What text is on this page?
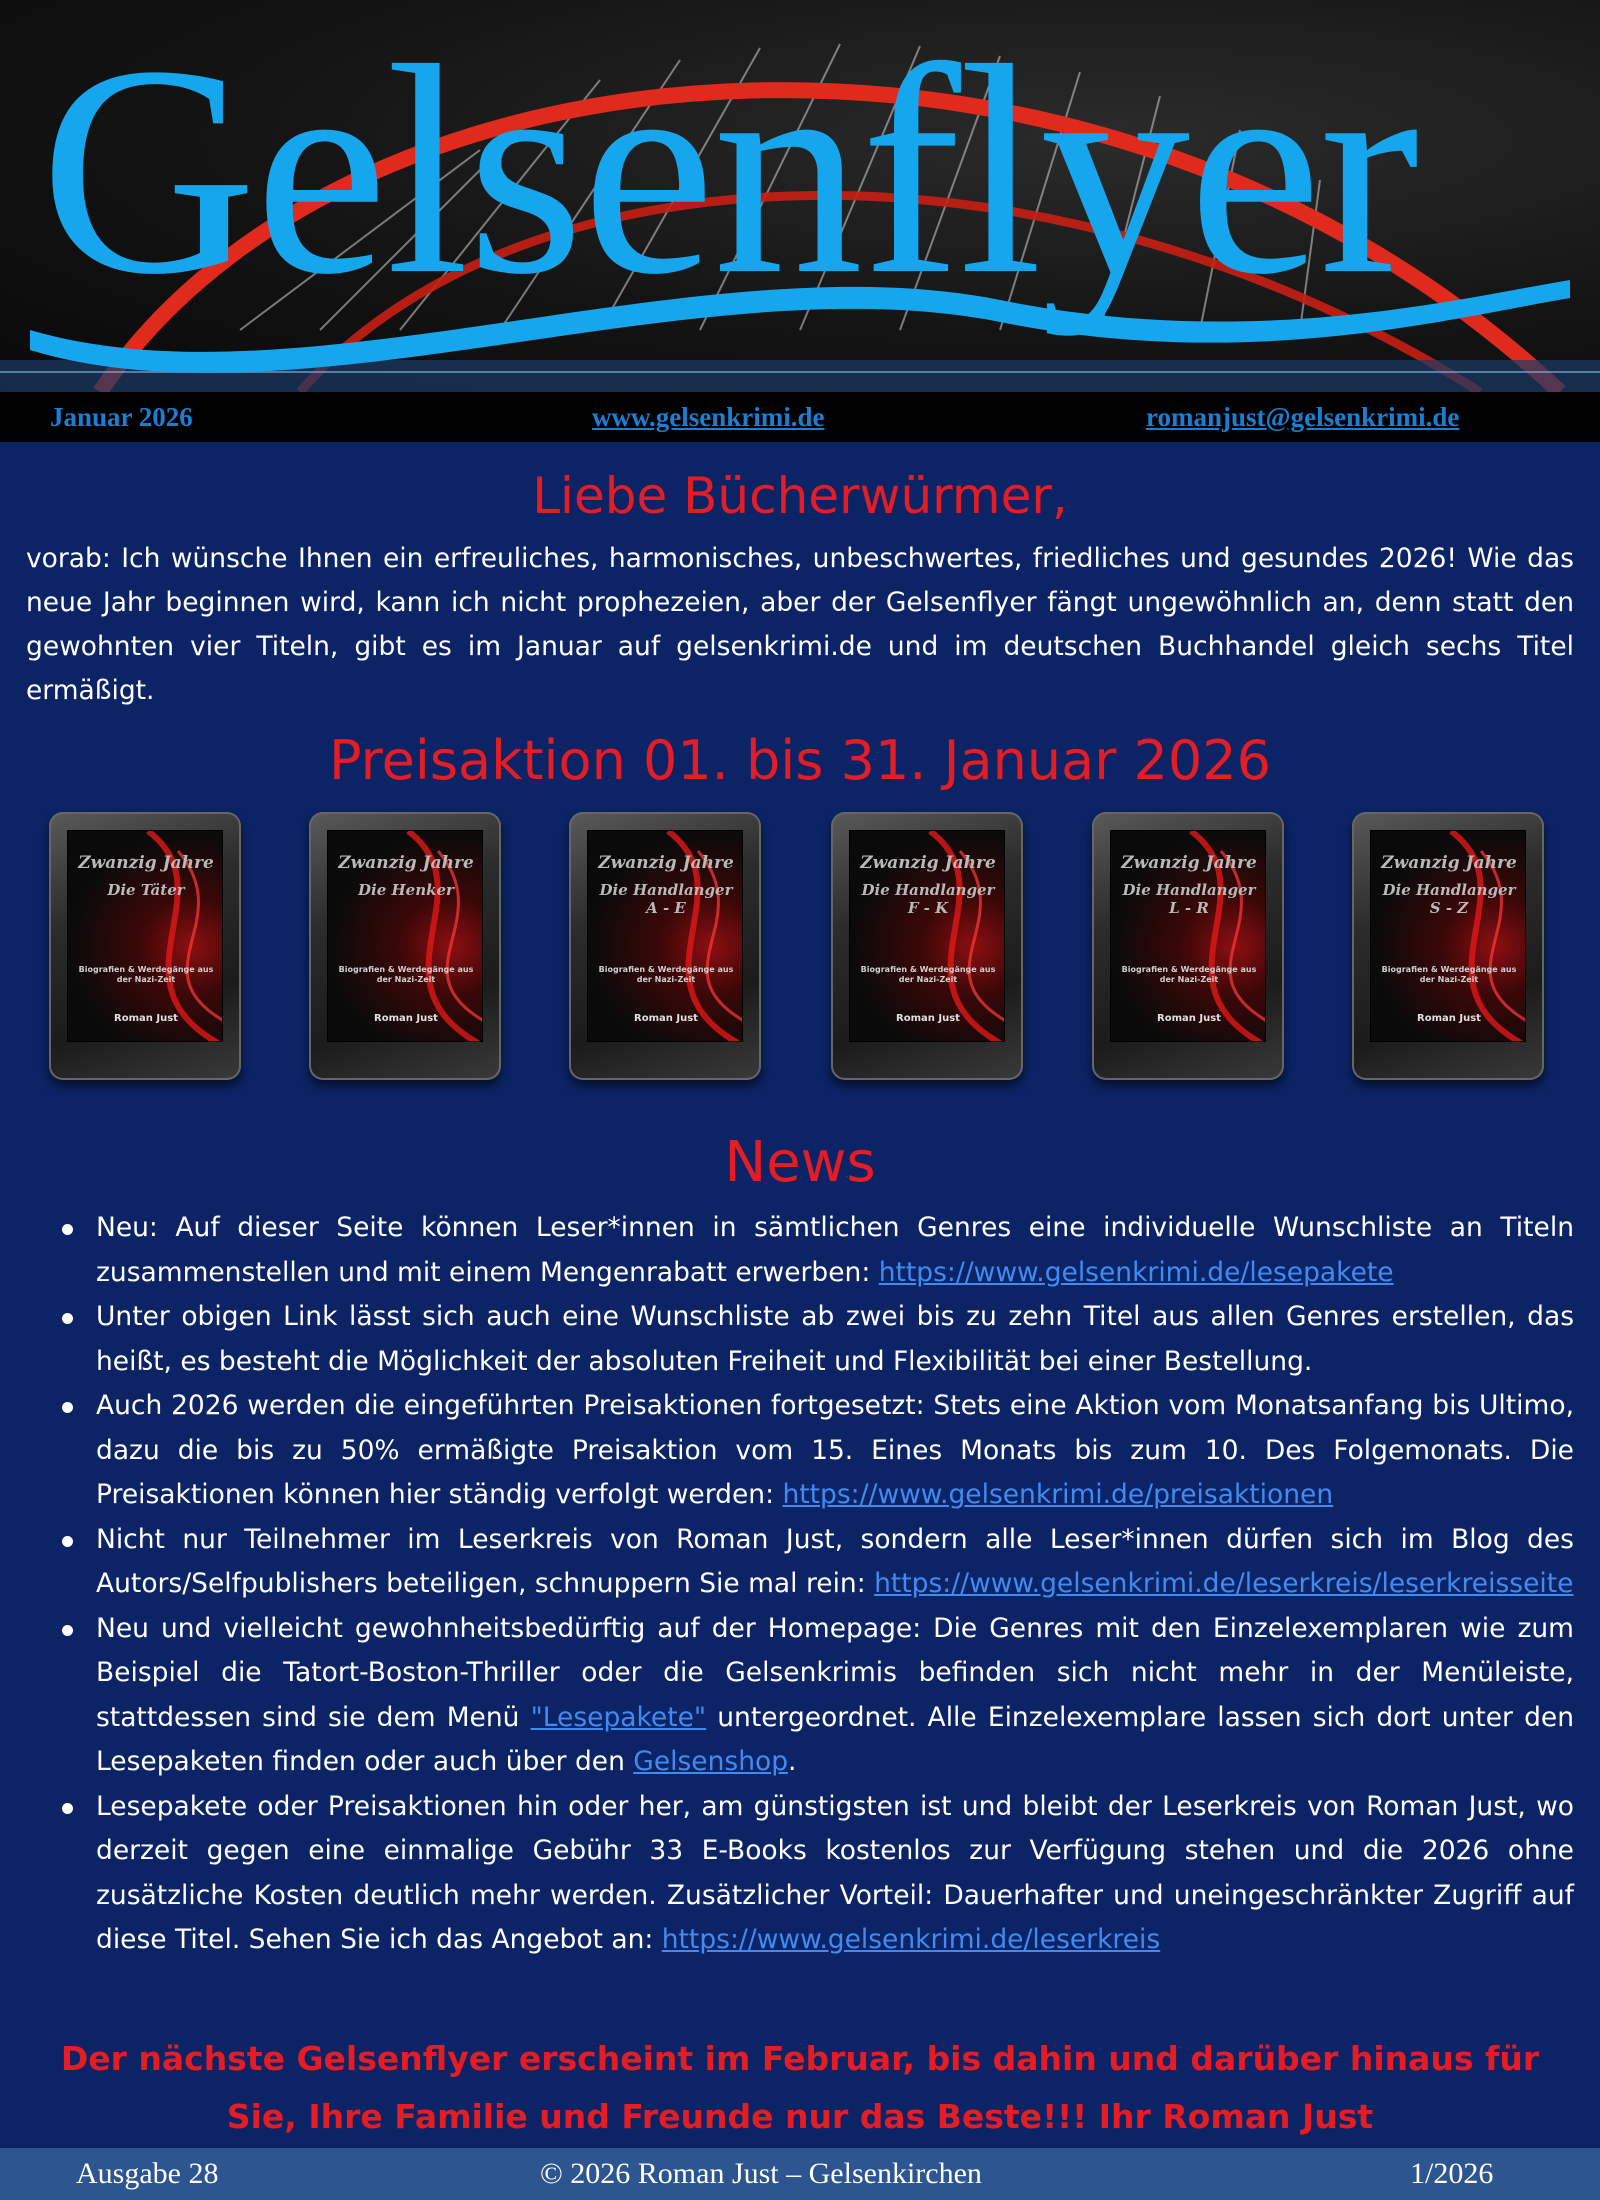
Gelsenflyer
Januar 2026	www.gelsenkrimi.de	romanjust@gelsenkrimi.de
Liebe Bücherwürmer,

vorab: Ich wünsche Ihnen ein erfreuliches, harmonisches, unbeschwertes, friedliches und gesundes 2026! Wie das neue Jahr beginnen wird, kann ich nicht prophezeien, aber der Gelsenflyer fängt ungewöhnlich an, denn statt den gewohnten vier Titeln, gibt es im Januar auf gelsenkrimi.de und im deutschen Buchhandel gleich sechs Titel ermäßigt.

Preisaktion 01. bis 31. Januar 2026
Zwanzig Jahre
Die Täter

Biografien & Werdegänge aus der Nazi-Zeit
Roman Just
Zwanzig Jahre
Die Henker

Biografien & Werdegänge aus der Nazi-Zeit
Roman Just
Zwanzig Jahre
Die Handlanger
A - E
Biografien & Werdegänge aus der Nazi-Zeit
Roman Just
Zwanzig Jahre
Die Handlanger
F - K
Biografien & Werdegänge aus der Nazi-Zeit
Roman Just
Zwanzig Jahre
Die Handlanger
L - R
Biografien & Werdegänge aus der Nazi-Zeit
Roman Just
Zwanzig Jahre
Die Handlanger
S - Z
Biografien & Werdegänge aus der Nazi-Zeit
Roman Just
News
Neu: Auf dieser Seite können Leser*innen in sämtlichen Genres eine individuelle Wunschliste an Titeln zusammenstellen und mit einem Mengenrabatt erwerben: https://www.gelsenkrimi.de/lesepakete
Unter obigen Link lässt sich auch eine Wunschliste ab zwei bis zu zehn Titel aus allen Genres erstellen, das heißt, es besteht die Möglichkeit der absoluten Freiheit und Flexibilität bei einer Bestellung.
Auch 2026 werden die eingeführten Preisaktionen fortgesetzt: Stets eine Aktion vom Monatsanfang bis Ultimo, dazu die bis zu 50% ermäßigte Preisaktion vom 15. Eines Monats bis zum 10. Des Folgemonats. Die Preisaktionen können hier ständig verfolgt werden: https://www.gelsenkrimi.de/preisaktionen
Nicht nur Teilnehmer im Leserkreis von Roman Just, sondern alle Leser*innen dürfen sich im Blog des Autors/Selfpublishers beteiligen, schnuppern Sie mal rein: https://www.gelsenkrimi.de/leserkreis/leserkreisseite
Neu und vielleicht gewohnheitsbedürftig auf der Homepage: Die Genres mit den Einzelexemplaren wie zum Beispiel die Tatort-Boston-Thriller oder die Gelsenkrimis befinden sich nicht mehr in der Menüleiste, stattdessen sind sie dem Menü "Lesepakete" untergeordnet. Alle Einzelexemplare lassen sich dort unter den Lesepaketen finden oder auch über den Gelsenshop.
Lesepakete oder Preisaktionen hin oder her, am günstigsten ist und bleibt der Leserkreis von Roman Just, wo derzeit gegen eine einmalige Gebühr 33 E-Books kostenlos zur Verfügung stehen und die 2026 ohne zusätzliche Kosten deutlich mehr werden. Zusätzlicher Vorteil: Dauerhafter und uneingeschränkter Zugriff auf diese Titel. Sehen Sie ich das Angebot an: https://www.gelsenkrimi.de/leserkreis
Der nächste Gelsenflyer erscheint im Februar, bis dahin und darüber hinaus für Sie, Ihre Familie und Freunde nur das Beste!!! Ihr Roman Just
Ausgabe 28	© 2026 Roman Just – Gelsenkirchen	1/2026
